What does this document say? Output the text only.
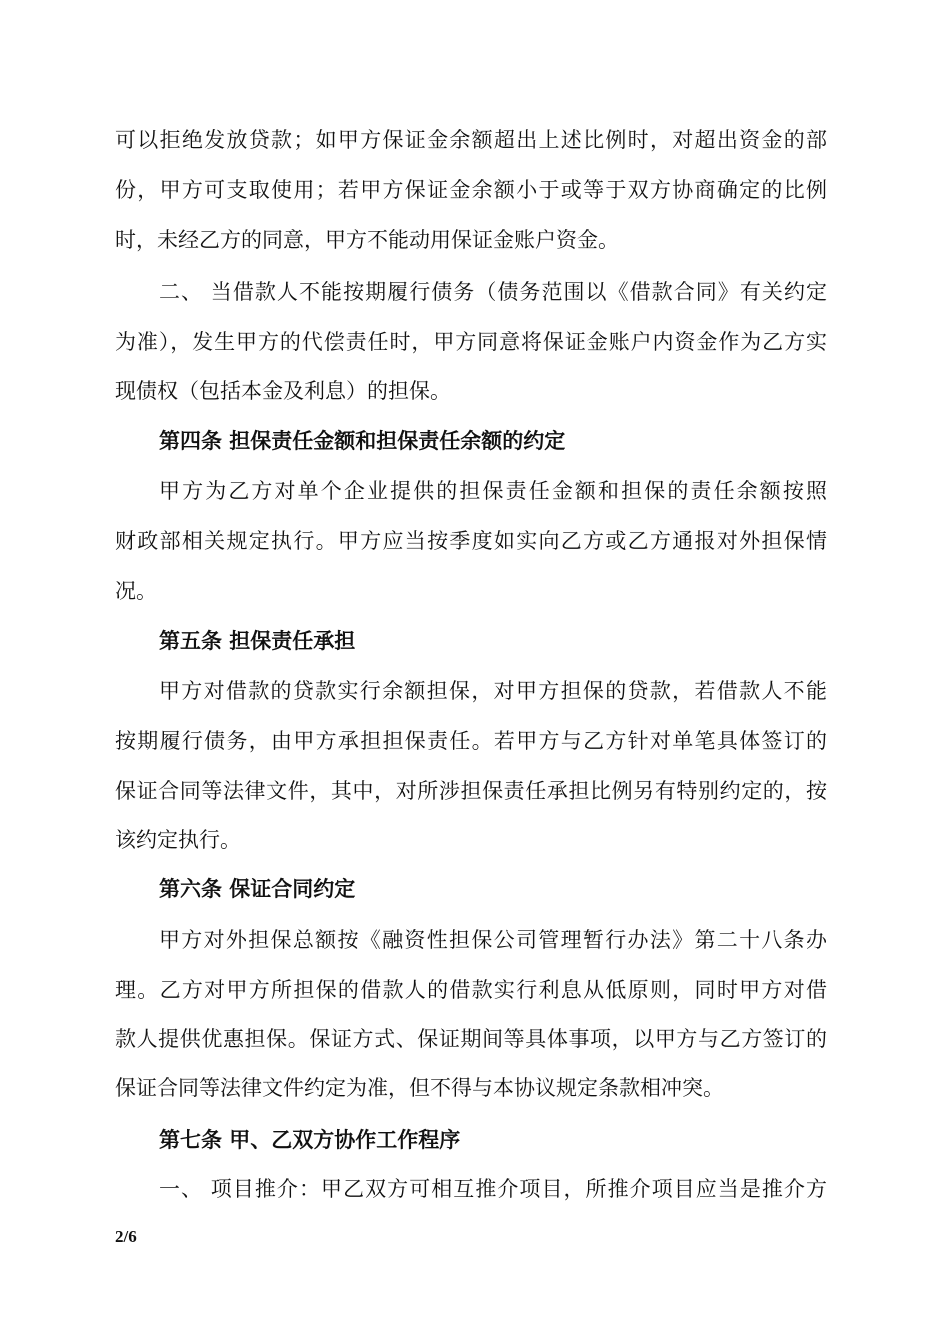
可以拒绝发放贷款；如甲方保证金余额超出上述比例时，对超出资金的部
份，甲方可支取使用；若甲方保证金余额小于或等于双方协商确定的比例
时，未经乙方的同意，甲方不能动用保证金账户资金。
二、 当借款人不能按期履行债务（债务范围以《借款合同》有关约定
为准），发生甲方的代偿责任时，甲方同意将保证金账户内资金作为乙方实
现债权（包括本金及利息）的担保。
第四条 担保责任金额和担保责任余额的约定
甲方为乙方对单个企业提供的担保责任金额和担保的责任余额按照
财政部相关规定执行。甲方应当按季度如实向乙方或乙方通报对外担保情
况。
第五条 担保责任承担
甲方对借款的贷款实行余额担保，对甲方担保的贷款，若借款人不能
按期履行债务，由甲方承担担保责任。若甲方与乙方针对单笔具体签订的
保证合同等法律文件，其中，对所涉担保责任承担比例另有特别约定的，按
该约定执行。
第六条 保证合同约定
甲方对外担保总额按《融资性担保公司管理暂行办法》第二十八条办
理。乙方对甲方所担保的借款人的借款实行利息从低原则，同时甲方对借
款人提供优惠担保。保证方式、保证期间等具体事项，以甲方与乙方签订的
保证合同等法律文件约定为准，但不得与本协议规定条款相冲突。
第七条 甲、乙双方协作工作程序
一、 项目推介：甲乙双方可相互推介项目，所推介项目应当是推介方
2/6
